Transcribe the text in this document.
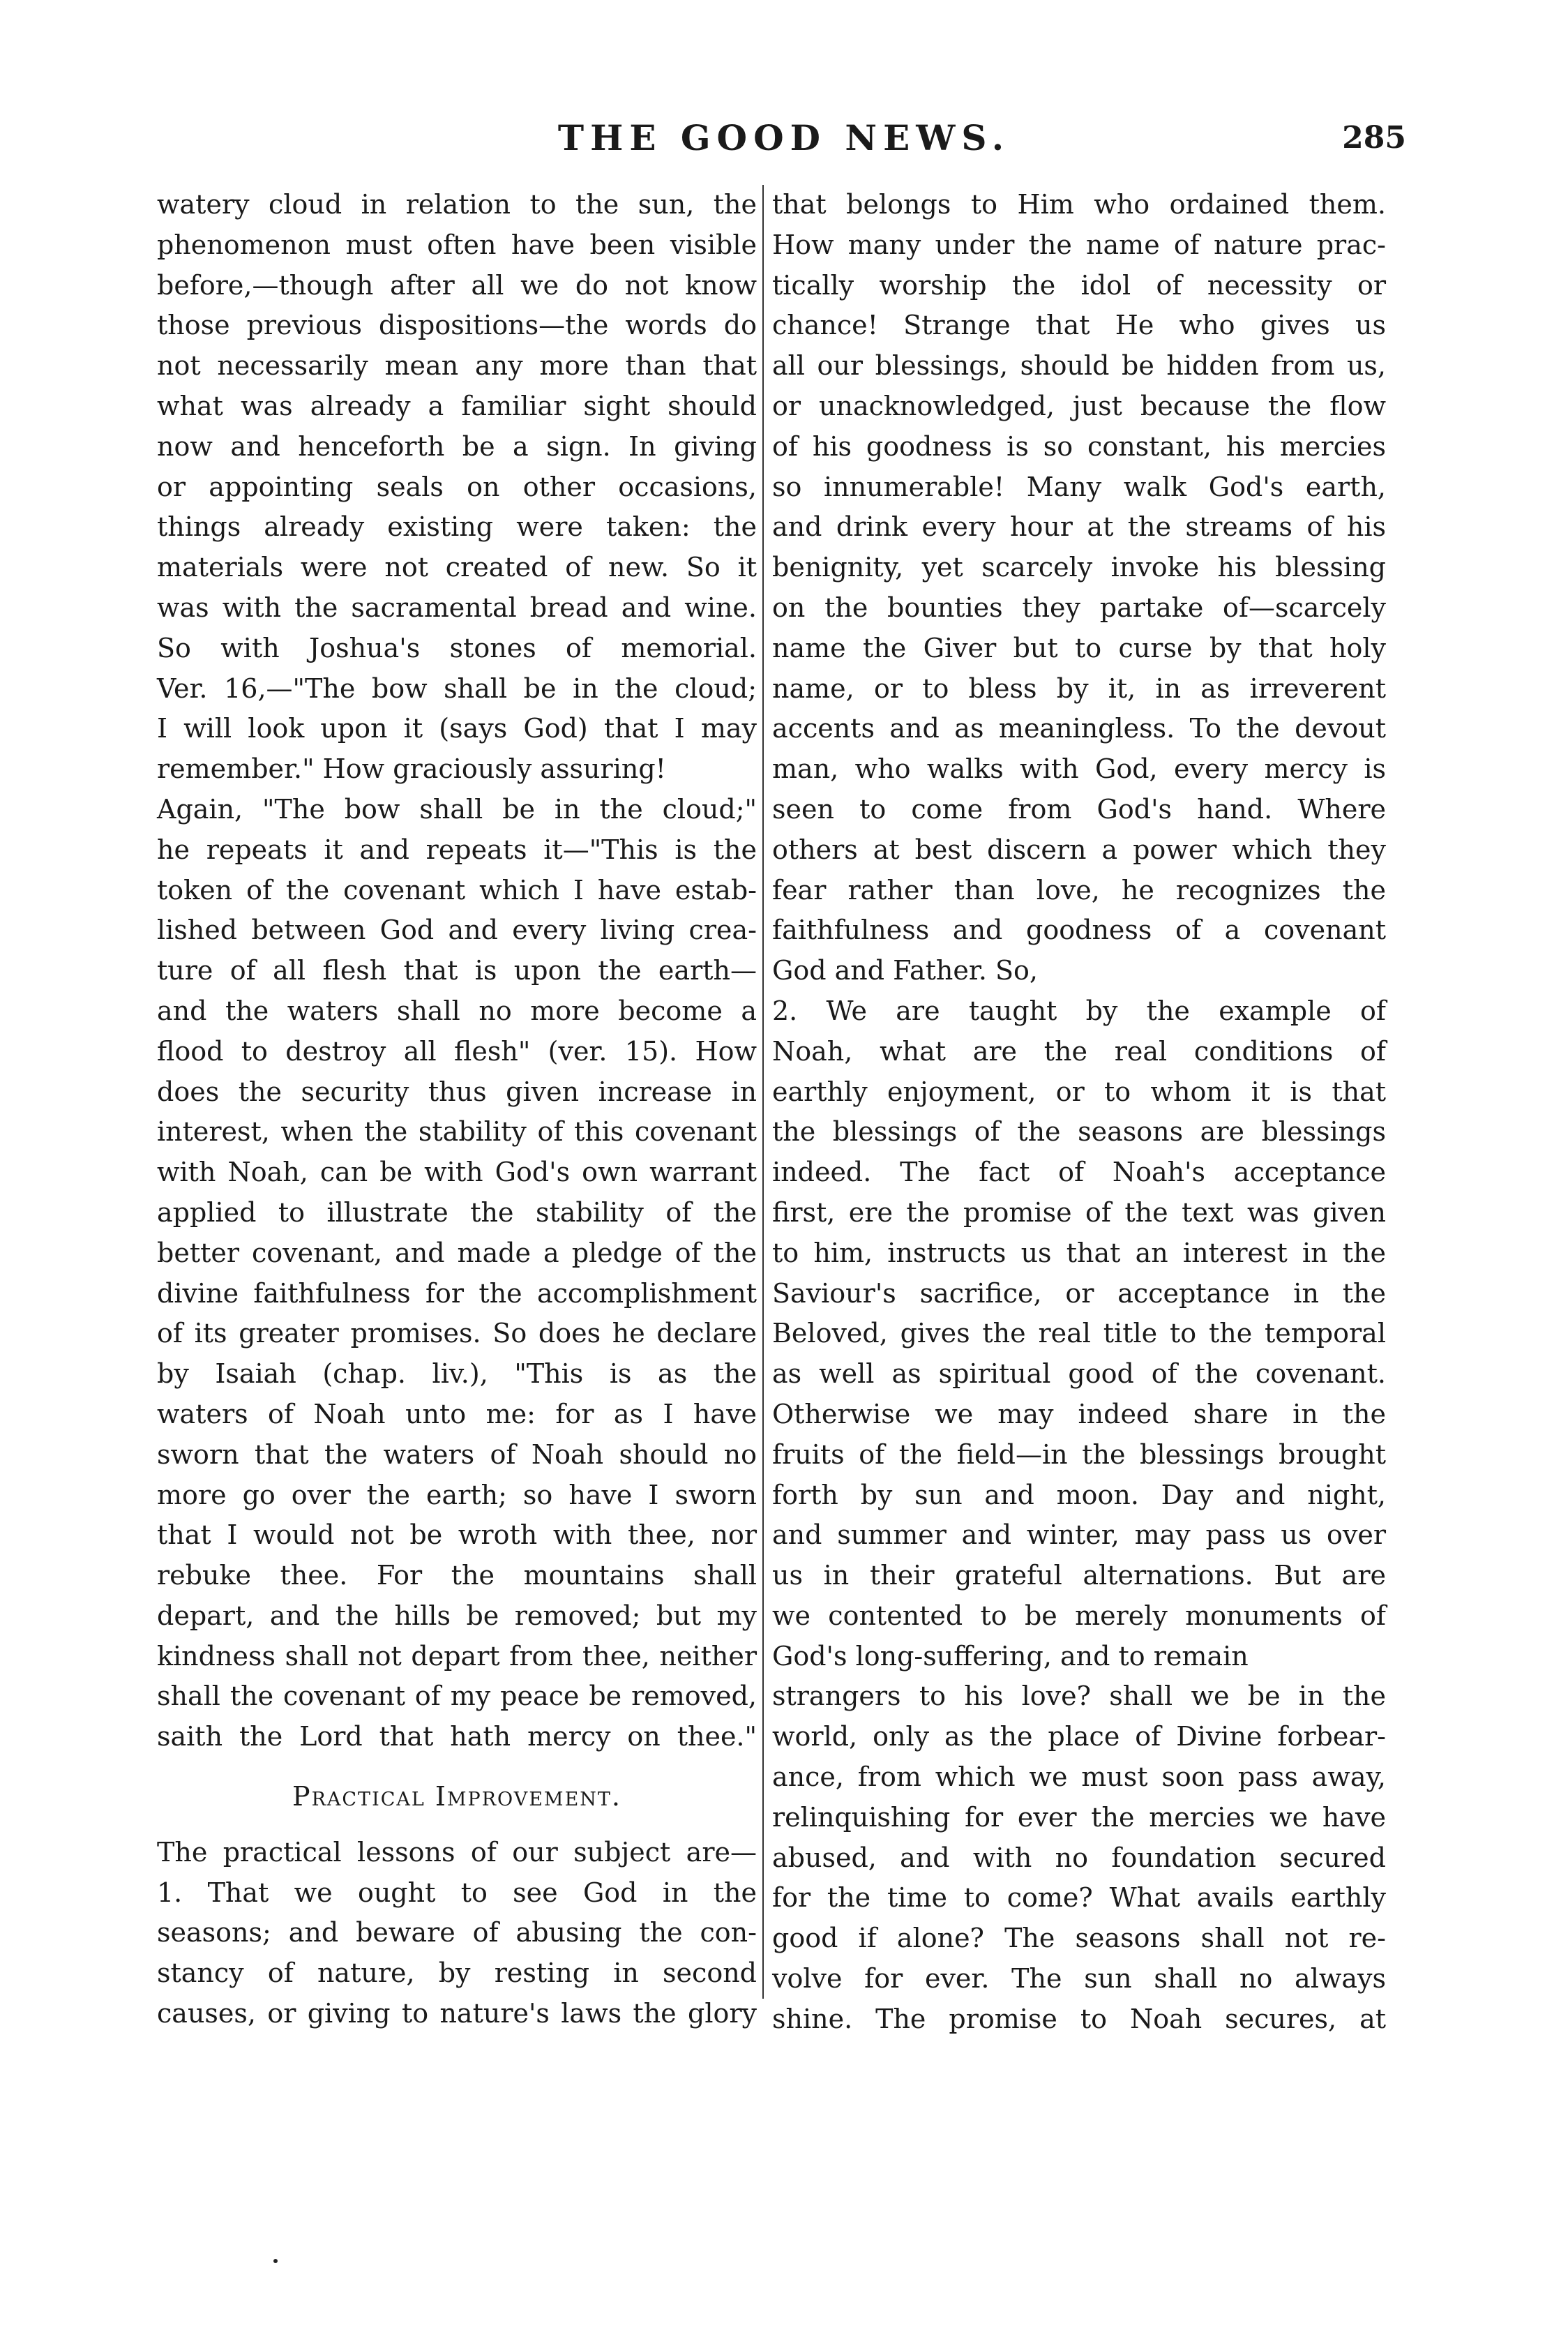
THE GOOD NEWS.	285
watery cloud in relation to the sun, the
phenomenon must often have been visible
before,—though after all we do not know
those previous dispositions—the words do
not necessarily mean any more than that
what was already a familiar sight should
now and henceforth be a sign. In giving
or appointing seals on other occasions,
things already existing were taken: the
materials were not created of new. So it
was with the sacramental bread and wine.
So with Joshua's stones of memorial.
Ver. 16,—"The bow shall be in the cloud;
I will look upon it (says God) that I may
remember." How graciously assuring!
Again, "The bow shall be in the cloud;"
he repeats it and repeats it—"This is the
token of the covenant which I have estab-
lished between God and every living crea-
ture of all flesh that is upon the earth—
and the waters shall no more become a
flood to destroy all flesh" (ver. 15). How
does the security thus given increase in
interest, when the stability of this covenant
with Noah, can be with God's own warrant
applied to illustrate the stability of the
better covenant, and made a pledge of the
divine faithfulness for the accomplishment
of its greater promises. So does he declare
by Isaiah (chap. liv.), "This is as the
waters of Noah unto me: for as I have
sworn that the waters of Noah should no
more go over the earth; so have I sworn
that I would not be wroth with thee, nor
rebuke thee. For the mountains shall
depart, and the hills be removed; but my
kindness shall not depart from thee, neither
shall the covenant of my peace be removed,
saith the Lord that hath mercy on thee."
Practical Improvement.
The practical lessons of our subject are—
1. That we ought to see God in the
seasons; and beware of abusing the con-
stancy of nature, by resting in second
causes, or giving to nature's laws the glory
that belongs to Him who ordained them.
How many under the name of nature prac-
tically worship the idol of necessity or
chance! Strange that He who gives us
all our blessings, should be hidden from us,
or unacknowledged, just because the flow
of his goodness is so constant, his mercies
so innumerable! Many walk God's earth,
and drink every hour at the streams of his
benignity, yet scarcely invoke his blessing
on the bounties they partake of—scarcely
name the Giver but to curse by that holy
name, or to bless by it, in as irreverent
accents and as meaningless. To the devout
man, who walks with God, every mercy is
seen to come from God's hand. Where
others at best discern a power which they
fear rather than love, he recognizes the
faithfulness and goodness of a covenant
God and Father. So,
2. We are taught by the example of
Noah, what are the real conditions of
earthly enjoyment, or to whom it is that
the blessings of the seasons are blessings
indeed. The fact of Noah's acceptance
first, ere the promise of the text was given
to him, instructs us that an interest in the
Saviour's sacrifice, or acceptance in the
Beloved, gives the real title to the temporal
as well as spiritual good of the covenant.
Otherwise we may indeed share in the
fruits of the field—in the blessings brought
forth by sun and moon. Day and night,
and summer and winter, may pass us over
us in their grateful alternations. But are
we contented to be merely monuments of
God's long-suffering, and to remain
strangers to his love? shall we be in the
world, only as the place of Divine forbear-
ance, from which we must soon pass away,
relinquishing for ever the mercies we have
abused, and with no foundation secured
for the time to come? What avails earthly
good if alone? The seasons shall not re-
volve for ever. The sun shall no always
shine. The promise to Noah secures, at
